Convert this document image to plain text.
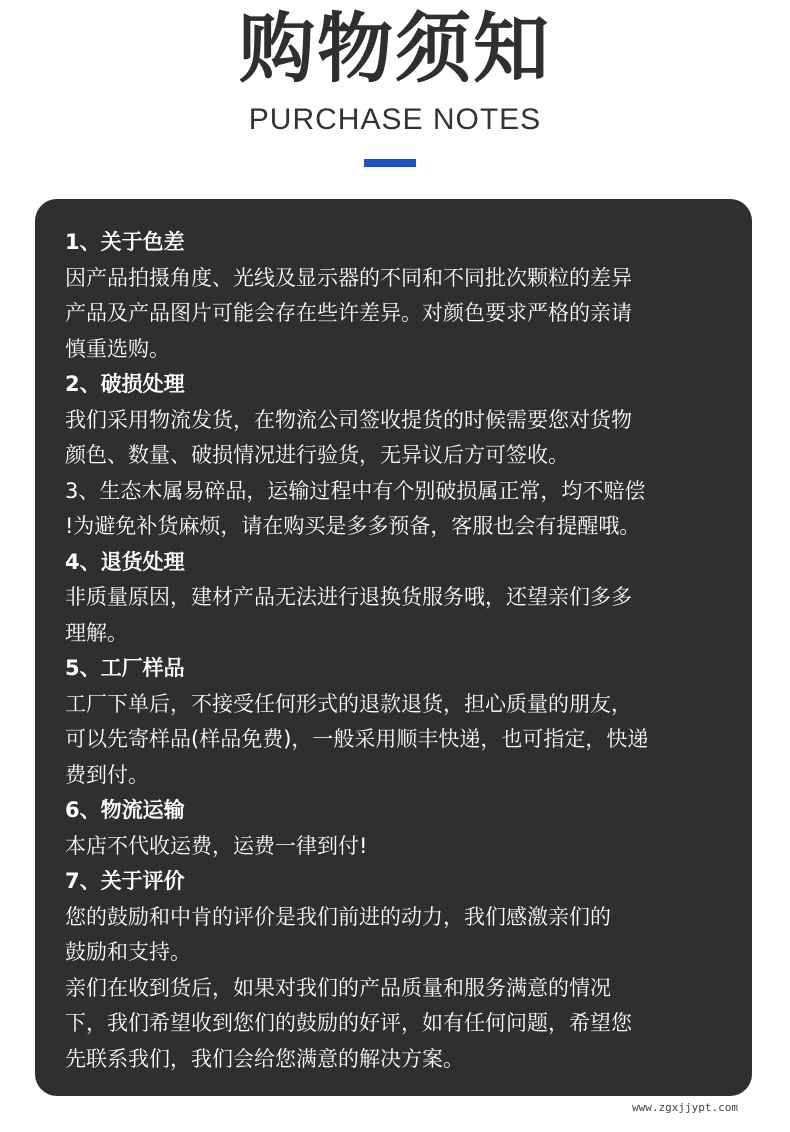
购物须知
PURCHASE NOTES
1、关于色差
因产品拍摄角度、光线及显示器的不同和不同批次颗粒的差异
产品及产品图片可能会存在些许差异。对颜色要求严格的亲请
慎重选购。
2、破损处理
我们采用物流发货，在物流公司签收提货的时候需要您对货物
颜色、数量、破损情况进行验货，无异议后方可签收。
3、生态木属易碎品，运输过程中有个别破损属正常，均不赔偿
!为避免补货麻烦，请在购买是多多预备，客服也会有提醒哦。
4、退货处理
非质量原因，建材产品无法进行退换货服务哦，还望亲们多多
理解。
5、工厂样品
工厂下单后，不接受任何形式的退款退货，担心质量的朋友，
可以先寄样品(样品免费)，一般采用顺丰快递，也可指定，快递
费到付。
6、物流运输
本店不代收运费，运费一律到付!
7、关于评价
您的鼓励和中肯的评价是我们前进的动力，我们感激亲们的
鼓励和支持。
亲们在收到货后，如果对我们的产品质量和服务满意的情况
下，我们希望收到您们的鼓励的好评，如有任何问题，希望您
先联系我们，我们会给您满意的解决方案。
www.zgxjjypt.com
